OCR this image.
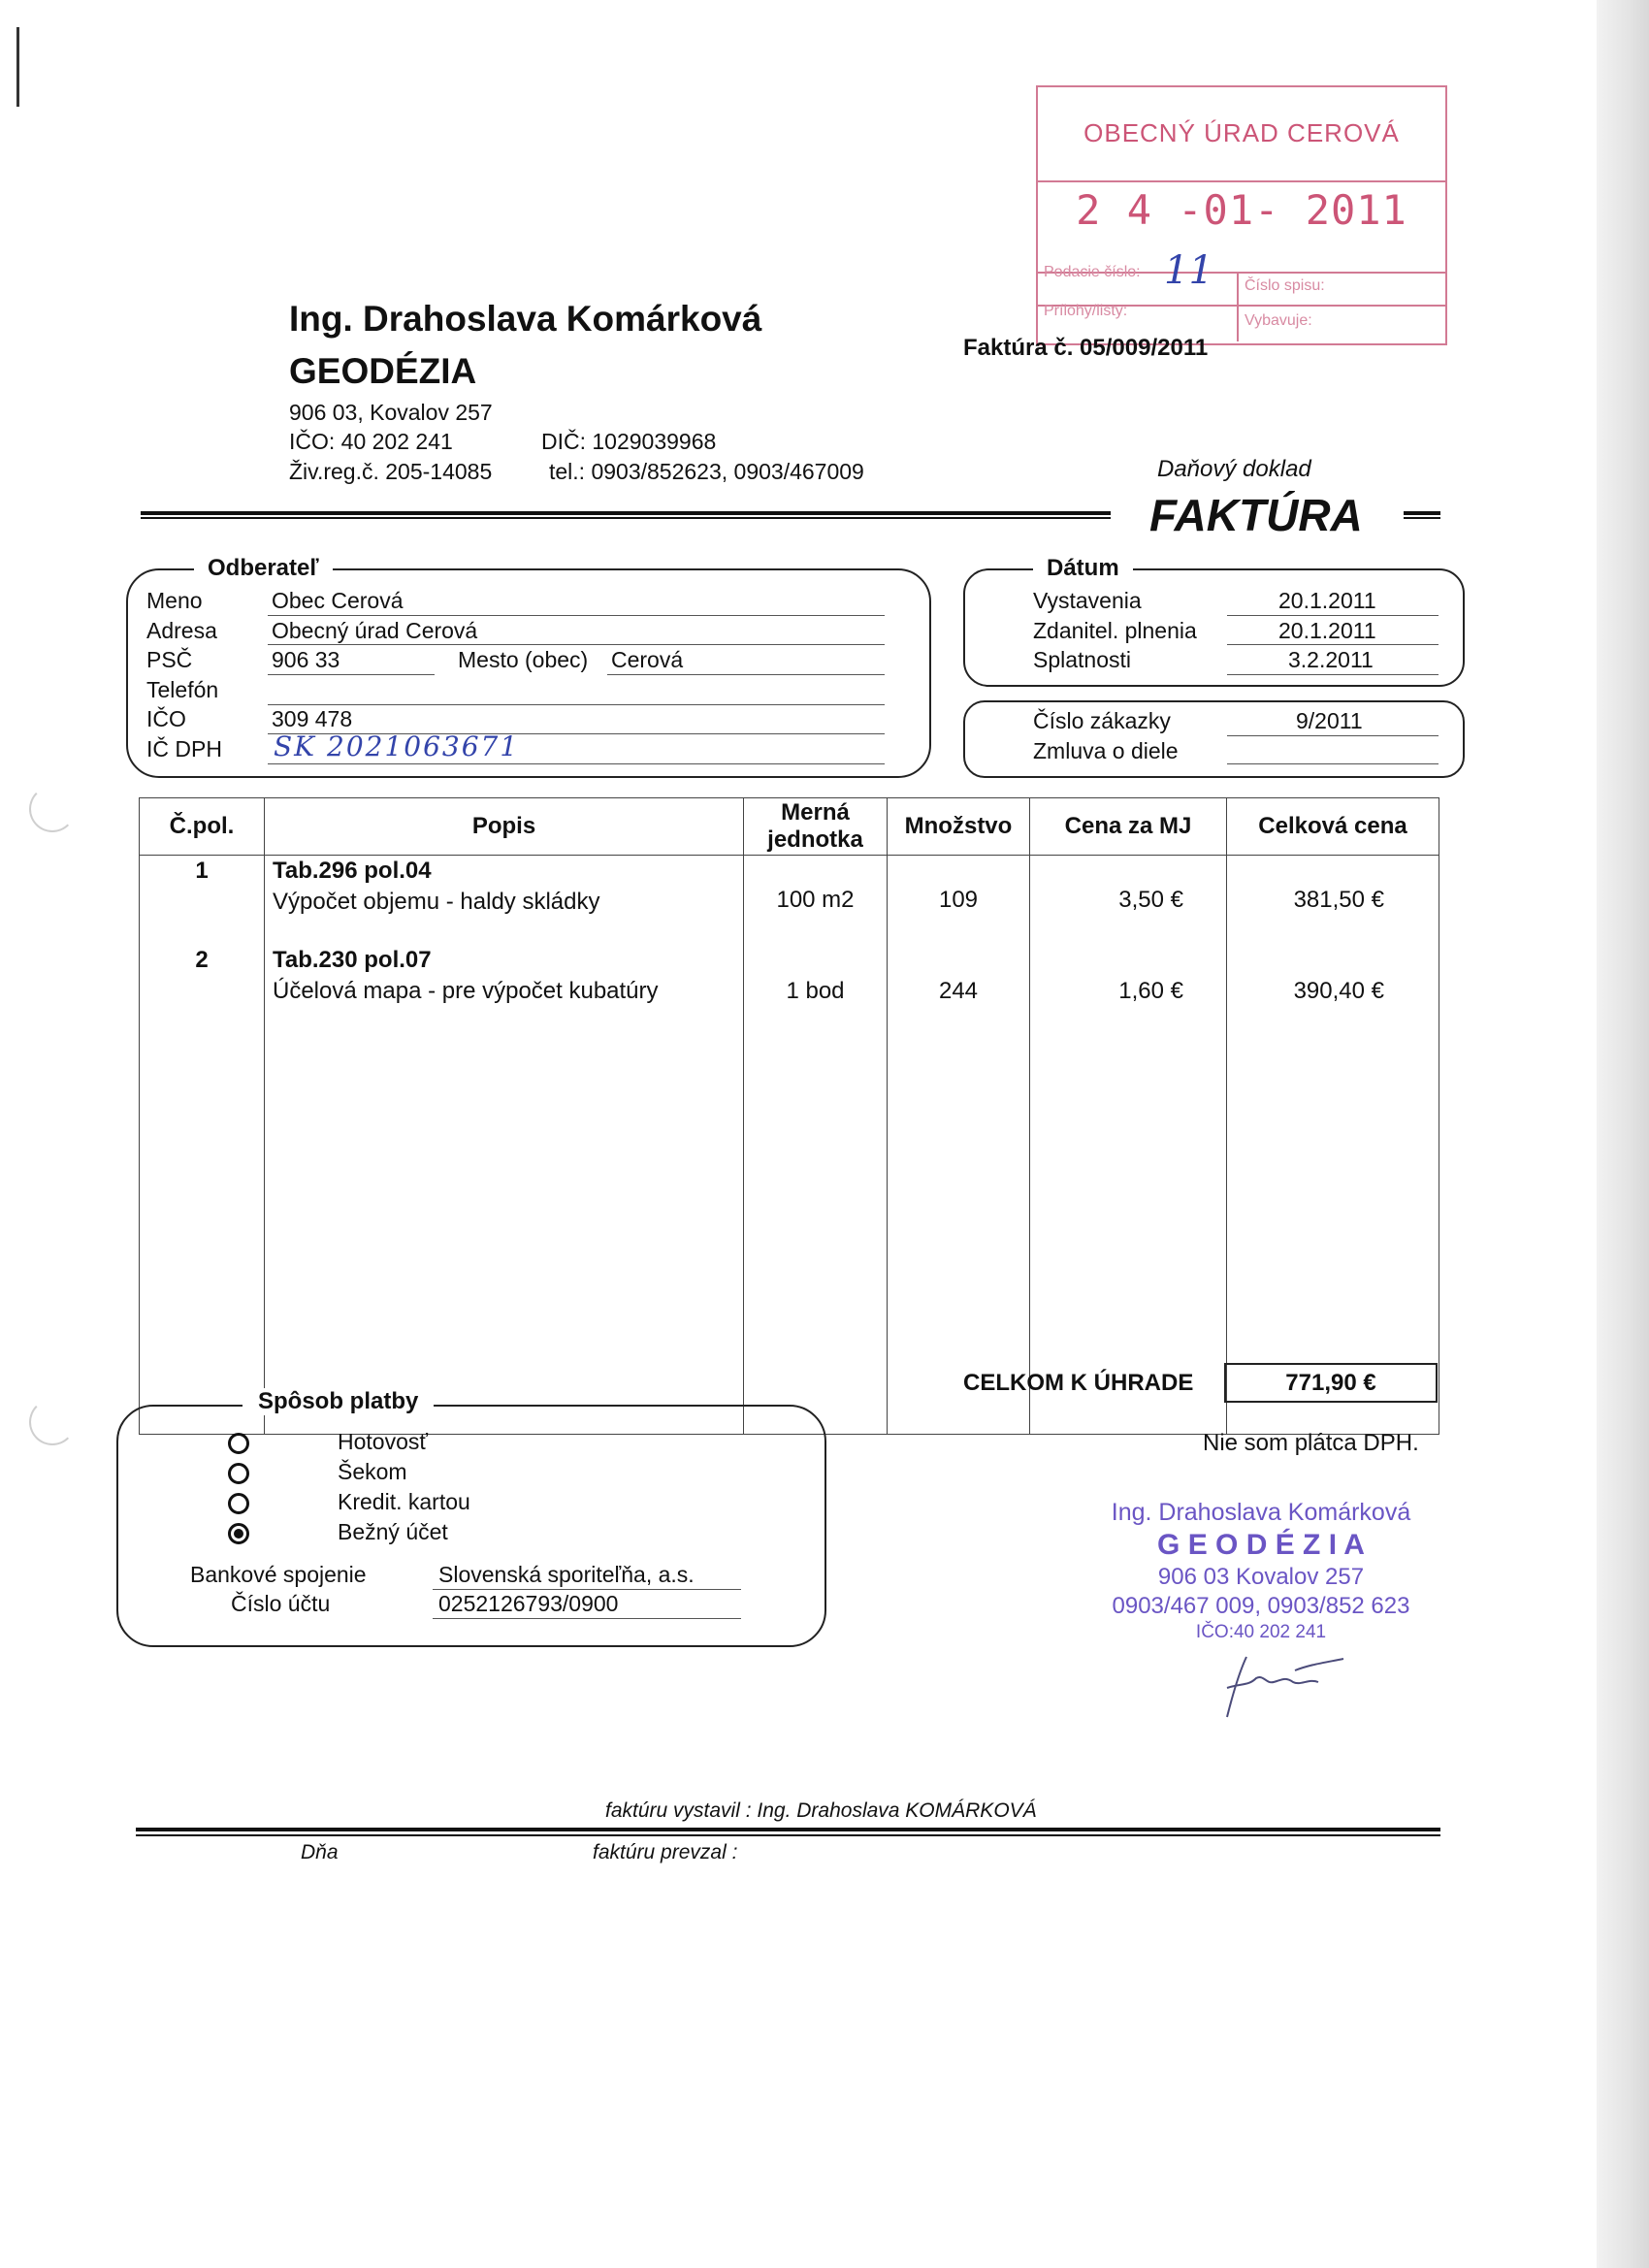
OBECNÝ ÚRAD CEROVÁ
2 4 -01- 2011
Podacie číslo: 11 Číslo spisu:
Prílohy/listy:
Vybavuje:
Ing. Drahoslava Komárková
GEODÉZIA
906 03, Kovalov 257
IČO: 40 202 241	DIČ: 1029039968
Živ.reg.č. 205-14085	tel.: 0903/852623, 0903/467009
Faktúra č. 05/009/2011
Daňový doklad
FAKTÚRA
Odberateľ
Meno	Obec Cerová
Adresa Obecný úrad Cerová
PSČ	906 33	Mesto (obec) Cerová
Telefón
IČO	309 478
IČ DPH SK 2021063671
Dátum
Vystavenia	20.1.2011
Zdanitel. plnenia	20.1.2011
Splatnosti	3.2.2011
Číslo zákazky	9/2011
Zmluva o diele
Č.pol.	Popis	Merná jednotka	Množstvo	Cena za MJ	Celková cena
1	Tab.296 pol.04
Výpočet objemu - haldy skládky	100 m2	109	3,50 €	381,50 €
2	Tab.230 pol.07
Účelová mapa - pre výpočet kubatúry	1 bod	244	1,60 €	390,40 €
CELKOM K ÚHRADE	771,90 €
Nie som plátca DPH.
Spôsob platby
Hotovosť
Šekom
Kredit. kartou
Bežný účet
Bankové spojenie	Slovenská sporiteľňa, a.s.
Číslo účtu	0252126793/0900
Ing. Drahoslava Komárková
G E O D É Z I A
906 03 Kovalov 257
0903/467 009, 0903/852 623
IČO:40 202 241
faktúru vystavil : Ing. Drahoslava KOMÁRKOVÁ
Dňa	faktúru prevzal :
